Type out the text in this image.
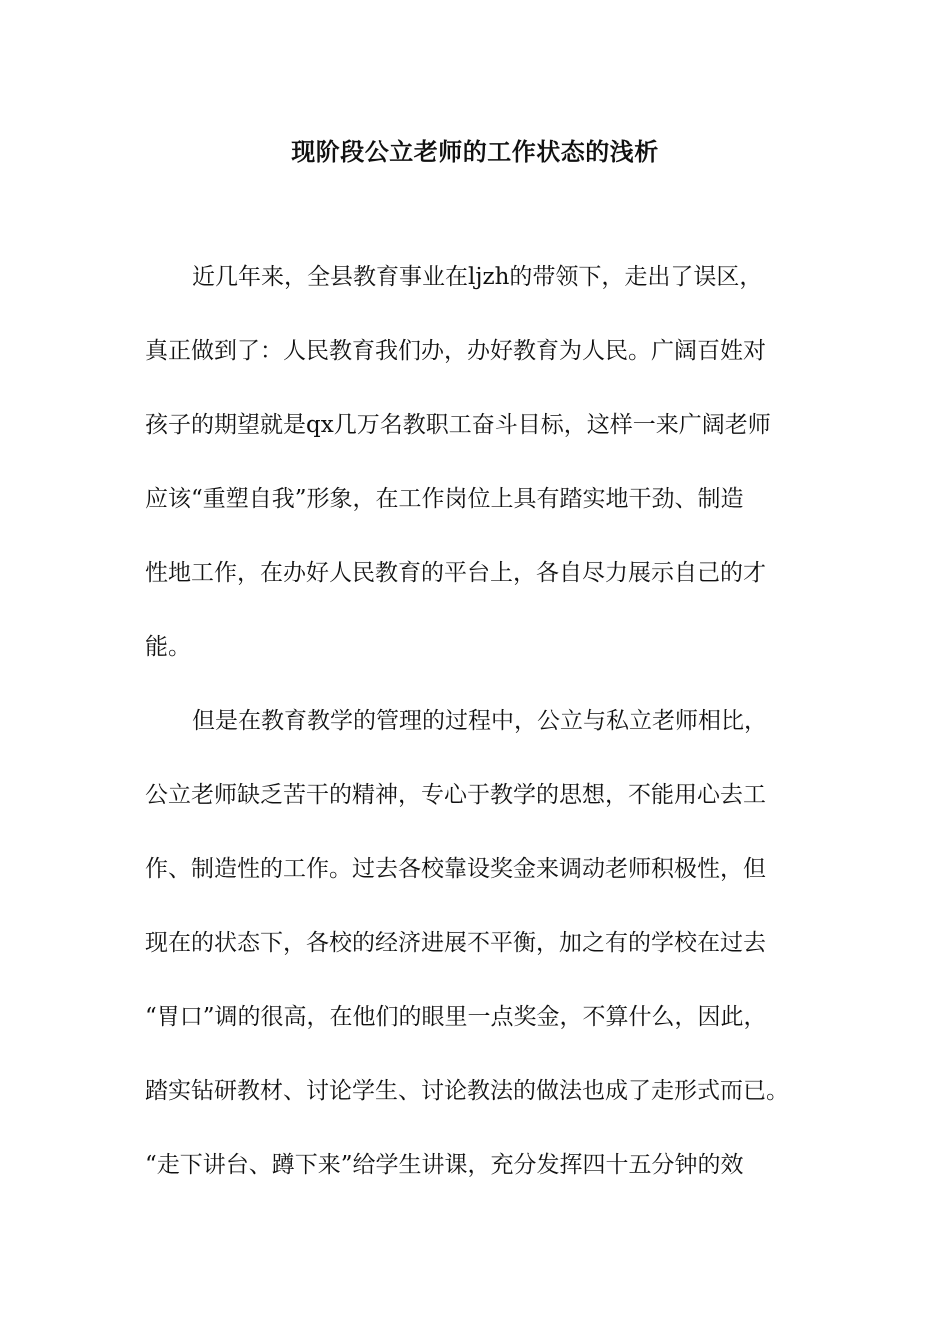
现阶段公立老师的工作状态的浅析
近几年来，全县教育事业在ljzh的带领下，走出了误区，
真正做到了：人民教育我们办，办好教育为人民。广阔百姓对
孩子的期望就是qx几万名教职工奋斗目标，这样一来广阔老师
应该“重塑自我”形象，在工作岗位上具有踏实地干劲、制造
性地工作，在办好人民教育的平台上，各自尽力展示自己的才
能。
但是在教育教学的管理的过程中，公立与私立老师相比，
公立老师缺乏苦干的精神，专心于教学的思想，不能用心去工
作、制造性的工作。过去各校靠设奖金来调动老师积极性，但
现在的状态下，各校的经济进展不平衡，加之有的学校在过去
“胃口”调的很高，在他们的眼里一点奖金，不算什么，因此，
踏实钻研教材、讨论学生、讨论教法的做法也成了走形式而已。
“走下讲台、蹲下来”给学生讲课，充分发挥四十五分钟的效
